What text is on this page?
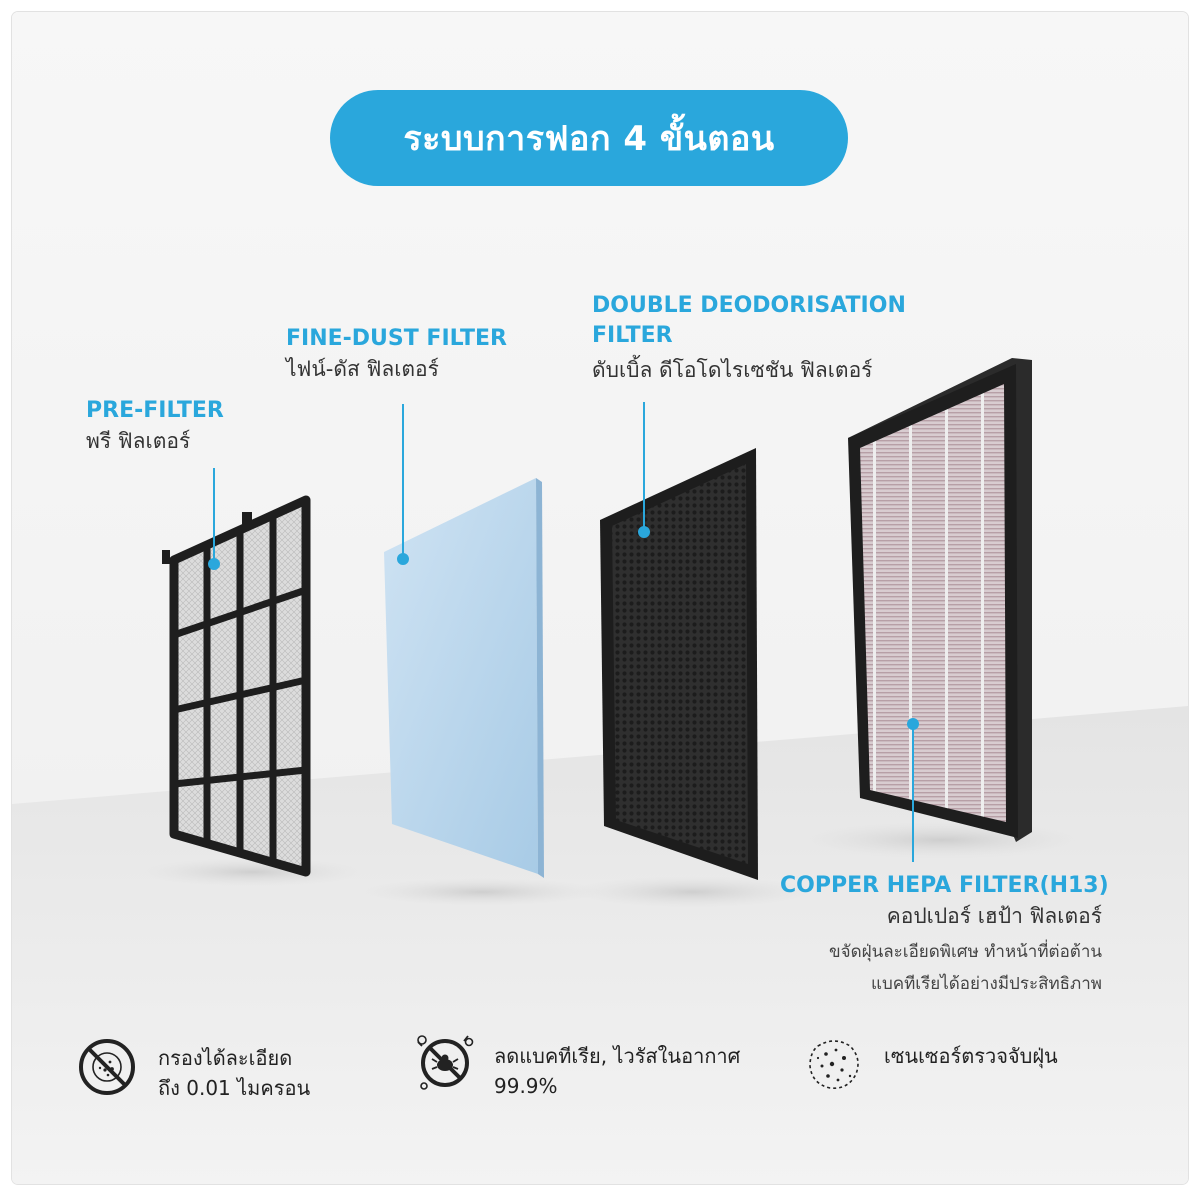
ระบบการฟอก 4 ขั้นตอน
PRE-FILTER
พรี ฟิลเตอร์
FINE-DUST FILTER
ไฟน์-ดัส ฟิลเตอร์
DOUBLE DEODORISATION
FILTER
ดับเบิ้ล ดีโอโดไรเซชัน ฟิลเตอร์
COPPER HEPA FILTER(H13)
คอปเปอร์ เฮป้า ฟิลเตอร์
ขจัดฝุ่นละเอียดพิเศษ ทำหน้าที่ต่อต้าน
แบคทีเรียได้อย่างมีประสิทธิภาพ
กรองได้ละเอียด
ถึง 0.01 ไมครอน
ลดแบคทีเรีย, ไวรัสในอากาศ
99.9%
เซนเซอร์ตรวจจับฝุ่น
